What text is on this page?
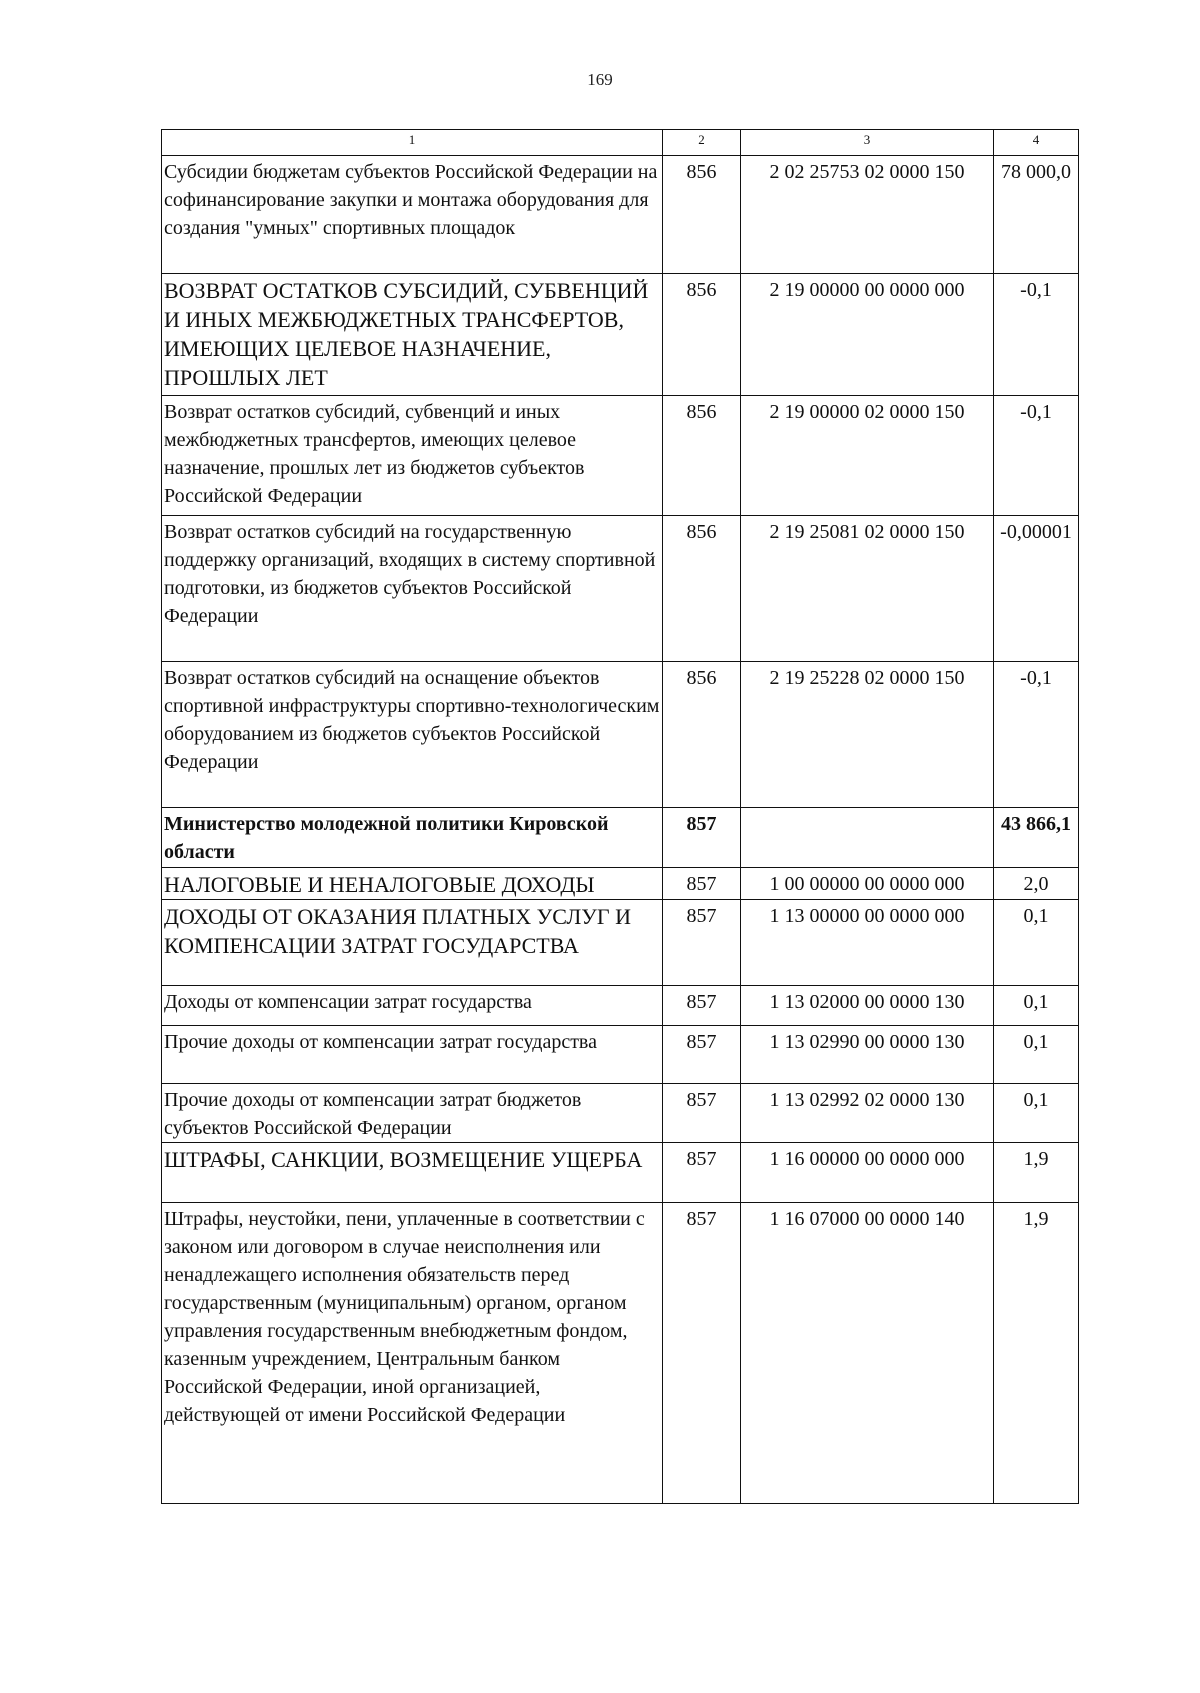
169
1	2	3	4
Субсидии бюджетам субъектов Российской Федерации на софинансирование закупки и монтажа оборудования для создания "умных" спортивных площадок	856	2 02 25753 02 0000 150	78 000,0
ВОЗВРАТ ОСТАТКОВ СУБСИДИЙ, СУБВЕНЦИЙ И ИНЫХ МЕЖБЮДЖЕТНЫХ ТРАНСФЕРТОВ, ИМЕЮЩИХ ЦЕЛЕВОЕ НАЗНАЧЕНИЕ, ПРОШЛЫХ ЛЕТ	856	2 19 00000 00 0000 000	-0,1
Возврат остатков субсидий, субвенций и иных межбюджетных трансфертов, имеющих целевое назначение, прошлых лет из бюджетов субъектов Российской Федерации	856	2 19 00000 02 0000 150	-0,1
Возврат остатков субсидий на государственную поддержку организаций, входящих в систему спортивной подготовки, из бюджетов субъектов Российской Федерации	856	2 19 25081 02 0000 150	-0,00001
Возврат остатков субсидий на оснащение объектов спортивной инфраструктуры спортивно-технологическим оборудованием из бюджетов субъектов Российской Федерации	856	2 19 25228 02 0000 150	-0,1
Министерство молодежной политики Кировской области	857		43 866,1
НАЛОГОВЫЕ И НЕНАЛОГОВЫЕ ДОХОДЫ	857	1 00 00000 00 0000 000	2,0
ДОХОДЫ ОТ ОКАЗАНИЯ ПЛАТНЫХ УСЛУГ И КОМПЕНСАЦИИ ЗАТРАТ ГОСУДАРСТВА	857	1 13 00000 00 0000 000	0,1
Доходы от компенсации затрат государства	857	1 13 02000 00 0000 130	0,1
Прочие доходы от компенсации затрат государства	857	1 13 02990 00 0000 130	0,1
Прочие доходы от компенсации затрат бюджетов субъектов Российской Федерации	857	1 13 02992 02 0000 130	0,1
ШТРАФЫ, САНКЦИИ, ВОЗМЕЩЕНИЕ УЩЕРБА	857	1 16 00000 00 0000 000	1,9
Штрафы, неустойки, пени, уплаченные в соответствии с законом или договором в случае неисполнения или ненадлежащего исполнения обязательств перед государственным (муниципальным) органом, органом управления государственным внебюджетным фондом, казенным учреждением, Центральным банком Российской Федерации, иной организацией, действующей от имени Российской Федерации	857	1 16 07000 00 0000 140	1,9
